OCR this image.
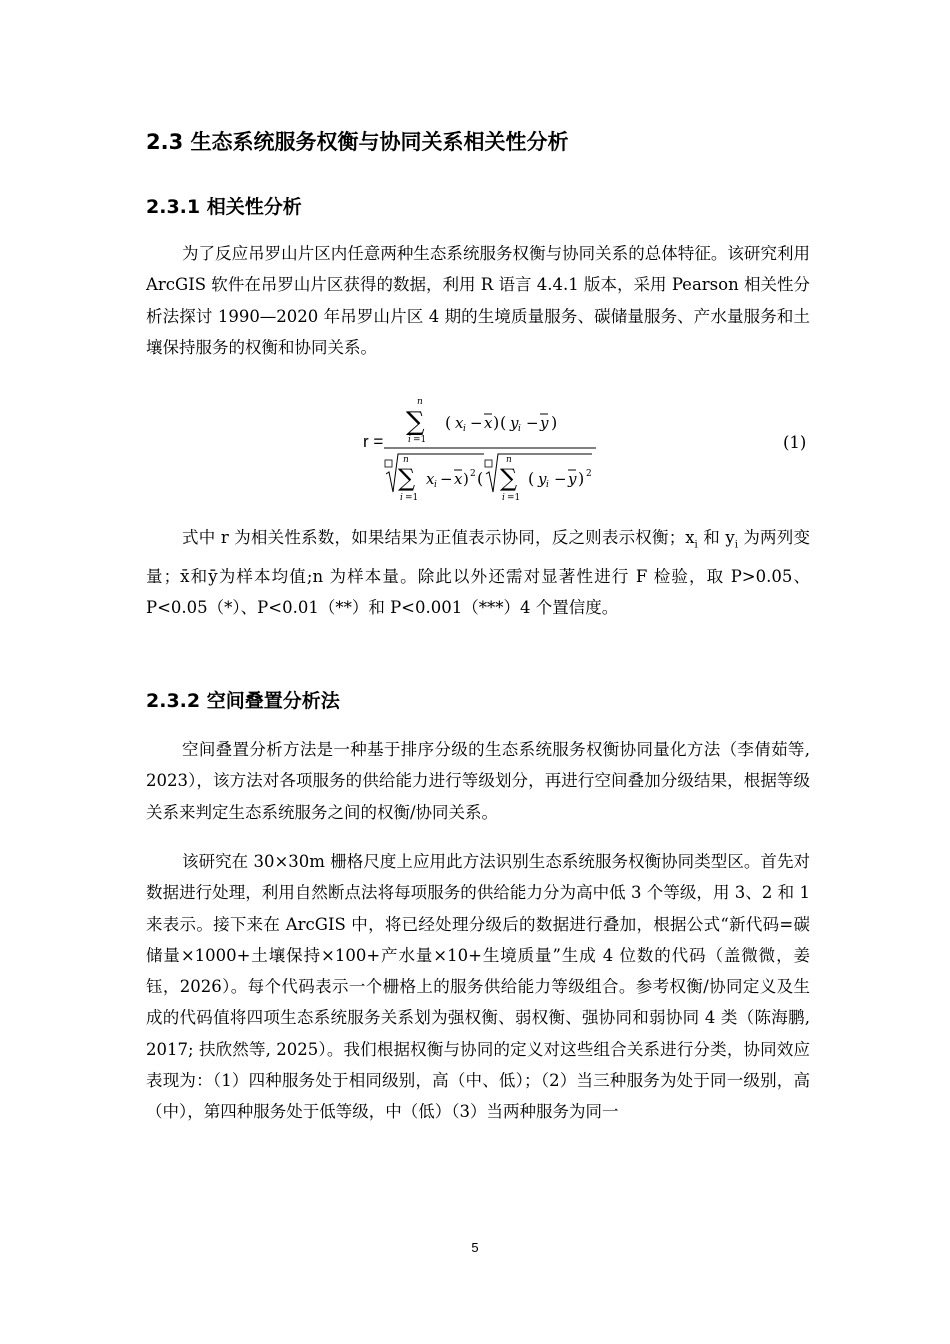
2.3 生态系统服务权衡与协同关系相关性分析
2.3.1 相关性分析

为了反应吊罗山片区内任意两种生态系统服务权衡与协同关系的总体特征。该研究利用 ArcGIS 软件在吊罗山片区获得的数据，利用 R 语言 4.4.1 版本，采用 Pearson 相关性分析法探讨 1990—2020 年吊罗山片区 4 期的生境质量服务、碳储量服务、产水量服务和土壤保持服务的权衡和协同关系。

r =
n
∑
i =1
( x i − x ) ( y i − y )
n
∑
i =1
x i − x ) 2 (
n
∑
i =1
( y i − y ) 2
(1)

式中 r 为相关性系数，如果结果为正值表示协同，反之则表示权衡；$x_i$ 和 $y_i$ 为两列变量；x̄和ȳ为样本均值;n 为样本量。除此以外还需对显著性进行 F 检验，取 P>0.05、P<0.05（*）、P<0.01（**）和 P<0.001（***）4 个置信度。

2.3.2 空间叠置分析法

空间叠置分析方法是一种基于排序分级的生态系统服务权衡协同量化方法（李倩茹等, 2023），该方法对各项服务的供给能力进行等级划分，再进行空间叠加分级结果，根据等级关系来判定生态系统服务之间的权衡/协同关系。

该研究在 30×30m 栅格尺度上应用此方法识别生态系统服务权衡协同类型区。首先对数据进行处理，利用自然断点法将每项服务的供给能力分为高中低 3 个等级，用 3、2 和 1 来表示。接下来在 ArcGIS 中，将已经处理分级后的数据进行叠加，根据公式“新代码=碳储量×1000+土壤保持×100+产水量×10+生境质量”生成 4 位数的代码（盖微微，姜钰，2026）。每个代码表示一个栅格上的服务供给能力等级组合。参考权衡/协同定义及生成的代码值将四项生态系统服务关系划为强权衡、弱权衡、强协同和弱协同 4 类（陈海鹏, 2017; 扶欣然等, 2025）。我们根据权衡与协同的定义对这些组合关系进行分类，协同效应表现为：（1）四种服务处于相同级别，高（中、低）；（2）当三种服务为处于同一级别，高（中），第四种服务处于低等级，中（低）（3）当两种服务为同一

5
